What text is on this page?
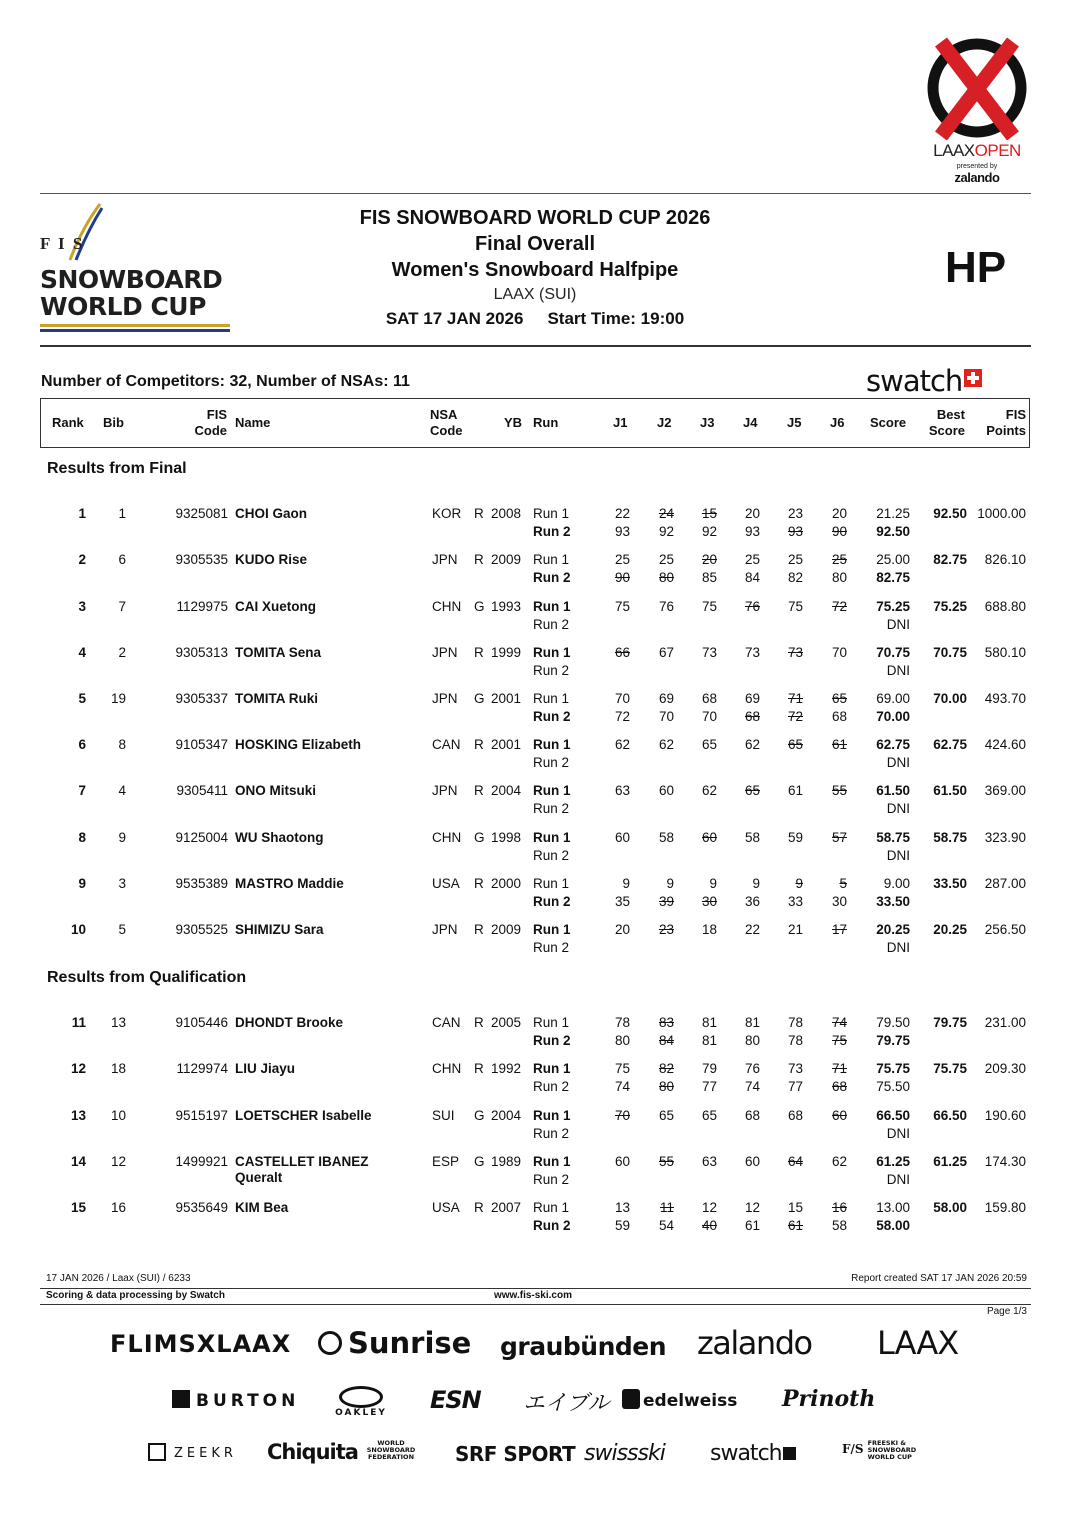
LAAXOPEN
presented by
zalando
F I S
SNOWBOARD
WORLD CUP
FIS SNOWBOARD WORLD CUP 2026
Final Overall
Women's Snowboard Halfpipe
LAAX (SUI)
SAT 17 JAN 2026 Start Time: 19:00
HP
Number of Competitors: 32, Number of NSAs: 11	swatch
Rank Bib
FIS
Code
Name
NSA
Code
YB Run	J1 J2 J3 J4 J5 J6 Score
Best
Score
FIS
Points
Results from Final
Results from Qualification
1	1	9325081 CHOI Gaon	KOR R 2008 Run 1	22	24	15	20	23	20	21.25
Run 2	93	92	92	93	93	90	92.50
92.50 1000.00
2	6	9305535 KUDO Rise	JPN R 2009 Run 1	25	25	20	25	25	25	25.00
Run 2	90	80	85	84	82	80	82.75
82.75	826.10
3	7	1129975 CAI Xuetong	CHN G 1993 Run 1	75	76	75	76	75	72	75.25
Run 2	DNI
75.25	688.80
4	2	9305313 TOMITA Sena	JPN R 1999 Run 1	66	67	73	73	73	70	70.75
Run 2	DNI
70.75	580.10
5	19	9305337 TOMITA Ruki	JPN G 2001 Run 1	70	69	68	69	71	65	69.00
Run 2	72	70	70	68	72	68	70.00
70.00	493.70
6	8	9105347 HOSKING Elizabeth	CAN R 2001 Run 1	62	62	65	62	65	61	62.75
Run 2	DNI
62.75	424.60
7	4	9305411 ONO Mitsuki	JPN R 2004 Run 1	63	60	62	65	61	55	61.50
Run 2	DNI
61.50	369.00
8	9	9125004 WU Shaotong	CHN G 1998 Run 1	60	58	60	58	59	57	58.75
Run 2	DNI
58.75	323.90
9	3	9535389 MASTRO Maddie	USA R 2000 Run 1	9	9	9	9	9	5	9.00
Run 2	35	39	30	36	33	30	33.50
33.50	287.00
10	5	9305525 SHIMIZU Sara	JPN R 2009 Run 1	20	23	18	22	21	17	20.25
Run 2	DNI
20.25	256.50
11	13	9105446 DHONDT Brooke	CAN R 2005 Run 1	78	83	81	81	78	74	79.50
Run 2	80	84	81	80	78	75	79.75
79.75	231.00
12	18	1129974 LIU Jiayu	CHN R 1992 Run 1	75	82	79	76	73	71	75.75
Run 2	74	80	77	74	77	68	75.50
75.75	209.30
13	10	9515197 LOETSCHER Isabelle	SUI G 2004 Run 1	70	65	65	68	68	60	66.50
Run 2	DNI
66.50	190.60
14	12	1499921 CASTELLET IBANEZ
Queralt
ESP G 1989 Run 1	60	55	63	60	64	62	61.25
Run 2	DNI
61.25	174.30
15	16	9535649 KIM Bea	USA R 2007 Run 1	13	11	12	12	15	16	13.00
Run 2	59	54	40	61	61	58	58.00
58.00	159.80
17 JAN 2026 / Laax (SUI) / 6233	Report created SAT 17 JAN 2026 20:59
Scoring & data processing by Swatch	www.fis-ski.com
Page 1/3
FLIMSXLAAX	Sunrise graubünden zalando LAAX
BURTON
OAKLEY ESN エイブル	edelweiss Prinoth
ZEEKR Chiquita	WORLD SNOWBOARD FEDERATION SRF SPORT swissski swatch	F/S FREESKI & SNOWBOARD WORLD CUP
